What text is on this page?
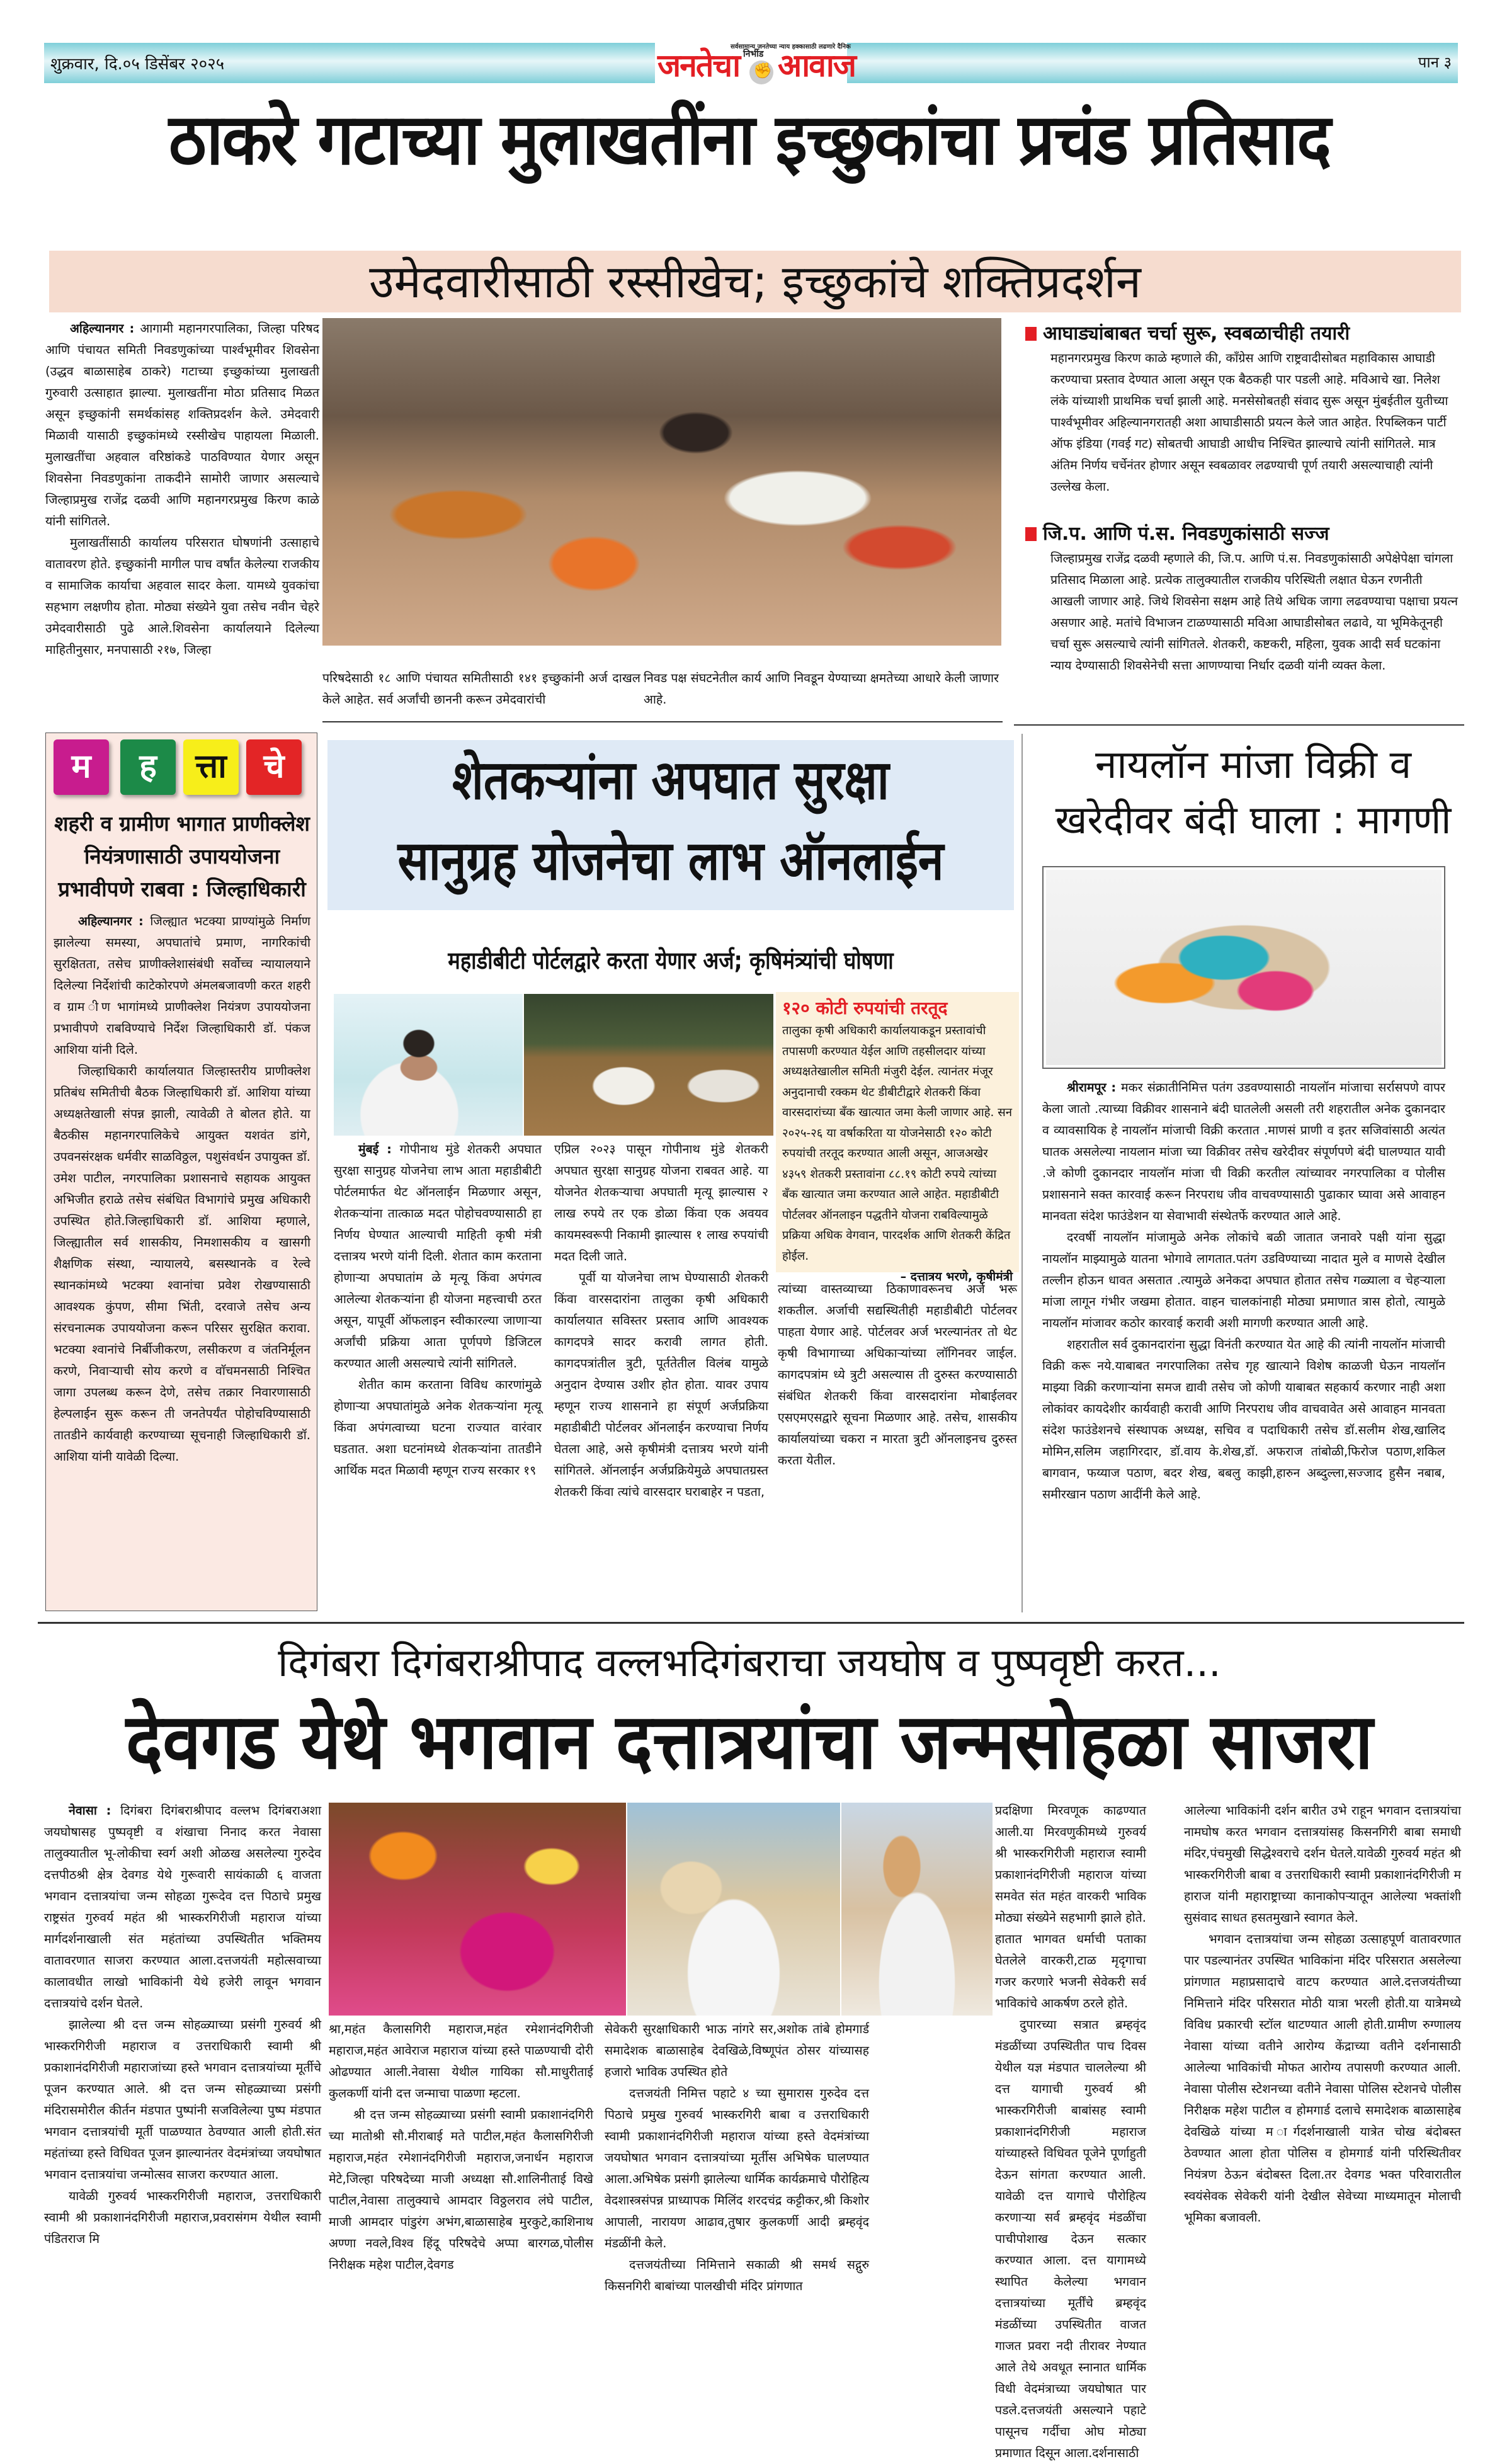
शुक्रवार, दि.०५ डिसेंबर २०२५	पान ३
सर्वसामान्य जनतेच्या न्याय हक्कासाठी लढणारे दैनिक
जनतेचा निर्भीड ✊ आवाज
ठाकरे गटाच्या मुलाखतींना इच्छुकांचा प्रचंड प्रतिसाद
उमेदवारीसाठी रस्सीखेच; इच्छुकांचे शक्तिप्रदर्शन

अहिल्यानगर : आगामी महानगरपालिका, जिल्हा परिषद आणि पंचायत समिती निवडणुकांच्या पार्श्वभूमीवर शिवसेना (उद्धव बाळासाहेब ठाकरे) गटाच्या इच्छुकांच्या मुलाखती गुरुवारी उत्साहात झाल्या. मुलाखतींना मोठा प्रतिसाद मिळत असून इच्छुकांनी समर्थकांसह शक्तिप्रदर्शन केले. उमेदवारी मिळावी यासाठी इच्छुकांमध्ये रस्सीखेच पाहायला मिळाली. मुलाखतींचा अहवाल वरिष्ठांकडे पाठविण्यात येणार असून शिवसेना निवडणुकांना ताकदीने सामोरी जाणार असल्याचे जिल्हाप्रमुख राजेंद्र दळवी आणि महानगरप्रमुख किरण काळे यांनी सांगितले.

मुलाखतींसाठी कार्यालय परिसरात घोषणांनी उत्साहाचे वातावरण होते. इच्छुकांनी मागील पाच वर्षांत केलेल्या राजकीय व सामाजिक कार्याचा अहवाल सादर केला. यामध्ये युवकांचा सहभाग लक्षणीय होता. मोठ्या संख्येने युवा तसेच नवीन चेहरे उमेदवारीसाठी पुढे आले.शिवसेना कार्यालयाने दिलेल्या माहितीनुसार, मनपासाठी २१७, जिल्हा

परिषदेसाठी १८ आणि पंचायत समितीसाठी १४१ इच्छुकांनी अर्ज दाखल केले आहेत. सर्व अर्जांची छाननी करून उमेदवारांची
निवड पक्ष संघटनेतील कार्य आणि निवडून येण्याच्या क्षमतेच्या आधारे केली जाणार आहे.
आघाड्यांबाबत चर्चा सुरू, स्वबळाचीही तयारी
महानगरप्रमुख किरण काळे म्हणाले की, काँग्रेस आणि राष्ट्रवादीसोबत महाविकास आघाडी करण्याचा प्रस्ताव देण्यात आला असून एक बैठकही पार पडली आहे. मविआचे खा. निलेश लंके यांच्याशी प्राथमिक चर्चा झाली आहे. मनसेसोबतही संवाद सुरू असून मुंबईतील युतीच्या पार्श्वभूमीवर अहिल्यानगरातही अशा आघाडीसाठी प्रयत्न केले जात आहेत. रिपब्लिकन पार्टी ऑफ इंडिया (गवई गट) सोबतची आघाडी आधीच निश्चित झाल्याचे त्यांनी सांगितले. मात्र अंतिम निर्णय चर्चेनंतर होणार असून स्वबळावर लढण्याची पूर्ण तयारी असल्याचाही त्यांनी उल्लेख केला.
जि.प. आणि पं.स. निवडणुकांसाठी सज्ज
जिल्हाप्रमुख राजेंद्र दळवी म्हणाले की, जि.प. आणि पं.स. निवडणुकांसाठी अपेक्षेपेक्षा चांगला प्रतिसाद मिळाला आहे. प्रत्येक तालुक्यातील राजकीय परिस्थिती लक्षात घेऊन रणनीती आखली जाणार आहे. जिथे शिवसेना सक्षम आहे तिथे अधिक जागा लढवण्याचा पक्षाचा प्रयत्न असणार आहे. मतांचे विभाजन टाळण्यासाठी मविआ आघाडीसोबत लढावे, या भूमिकेतूनही चर्चा सुरू असल्याचे त्यांनी सांगितले. शेतकरी, कष्टकरी, महिला, युवक आदी सर्व घटकांना न्याय देण्यासाठी शिवसेनेची सत्ता आणण्याचा निर्धार दळवी यांनी व्यक्त केला.
म	ह	त्ता	चे
शहरी व ग्रामीण भागात प्राणीक्लेश नियंत्रणासाठी उपाययोजना प्रभावीपणे राबवा : जिल्हाधिकारी

अहिल्यानगर : जिल्ह्यात भटक्या प्राण्यांमुळे निर्माण झालेल्या समस्या, अपघातांचे प्रमाण, नागरिकांची सुरक्षितता, तसेच प्राणीक्लेशासंबंधी सर्वोच्च न्यायालयाने दिलेल्या निर्देशांची काटेकोरपणे अंमलबजावणी करत शहरी व ग्राम ीण भागांमध्ये प्राणीक्लेश नियंत्रण उपाययोजना प्रभावीपणे राबविण्याचे निर्देश जिल्हाधिकारी डॉ. पंकज आशिया यांनी दिले.

जिल्हाधिकारी कार्यालयात जिल्हास्तरीय प्राणीक्लेश प्रतिबंध समितीची बैठक जिल्हाधिकारी डॉ. आशिया यांच्या अध्यक्षतेखाली संपन्न झाली, त्यावेळी ते बोलत होते. या बैठकीस महानगरपालिकेचे आयुक्त यशवंत डांगे, उपवनसंरक्षक धर्मवीर साळविठ्ठल, पशुसंवर्धन उपायुक्त डॉ. उमेश पाटील, नगरपालिका प्रशासनाचे सहायक आयुक्त अभिजीत हराळे तसेच संबंधित विभागांचे प्रमुख अधिकारी उपस्थित होते.जिल्हाधिकारी डॉ. आशिया म्हणाले, जिल्ह्यातील सर्व शासकीय, निमशासकीय व खासगी शैक्षणिक संस्था, न्यायालये, बसस्थानके व रेल्वे स्थानकांमध्ये भटक्या श्वानांचा प्रवेश रोखण्यासाठी आवश्यक कुंपण, सीमा भिंती, दरवाजे तसेच अन्य संरचनात्मक उपाययोजना करून परिसर सुरक्षित करावा. भटक्या श्वानांचे निर्बीजीकरण, लसीकरण व जंतनिर्मूलन करणे, निवाऱ्याची सोय करणे व वाॅचमनसाठी निश्चित जागा उपलब्ध करून देणे, तसेच तक्रार निवारणासाठी हेल्पलाईन सुरू करून ती जनतेपर्यंत पोहोचविण्यासाठी तातडीने कार्यवाही करण्याच्या सूचनाही जिल्हाधिकारी डॉ. आशिया यांनी यावेळी दिल्या.

शेतकऱ्यांना अपघात सुरक्षा
सानुग्रह योजनेचा लाभ ऑनलाईन
महाडीबीटी पोर्टलद्वारे करता येणार अर्ज; कृषिमंत्र्यांची घोषणा

मुंबई : गोपीनाथ मुंडे शेतकरी अपघात सुरक्षा सानुग्रह योजनेचा लाभ आता महाडीबीटी पोर्टलमार्फत थेट ऑनलाईन मिळणार असून, शेतकऱ्यांना तात्काळ मदत पोहोचवण्यासाठी हा निर्णय घेण्यात आल्याची माहिती कृषी मंत्री दत्तात्रय भरणे यांनी दिली. शेतात काम करताना होणाऱ्या अपघातांम ळे मृत्यू किंवा अपंगत्व आलेल्या शेतकऱ्यांना ही योजना महत्त्वाची ठरत असून, यापूर्वी ऑफलाइन स्वीकारल्या जाणाऱ्या अर्जांची प्रक्रिया आता पूर्णपणे डिजिटल करण्यात आली असल्याचे त्यांनी सांगितले.

शेतीत काम करताना विविध कारणांमुळे होणाऱ्या अपघातांमुळे अनेक शेतकऱ्यांना मृत्यू किंवा अपंगत्वाच्या घटना राज्यात वारंवार घडतात. अशा घटनांमध्ये शेतकऱ्यांना तातडीने आर्थिक मदत मिळावी म्हणून राज्य सरकार १९

एप्रिल २०२३ पासून गोपीनाथ मुंडे शेतकरी अपघात सुरक्षा सानुग्रह योजना राबवत आहे. या योजनेत शेतकऱ्याचा अपघाती मृत्यू झाल्यास २ लाख रुपये तर एक डोळा किंवा एक अवयव कायमस्वरूपी निकामी झाल्यास १ लाख रुपयांची मदत दिली जाते.

पूर्वी या योजनेचा लाभ घेण्यासाठी शेतकरी किंवा वारसदारांना तालुका कृषी अधिकारी कार्यालयात सविस्तर प्रस्ताव आणि आवश्यक कागदपत्रे सादर करावी लागत होती. कागदपत्रांतील त्रुटी, पूर्ततेतील विलंब यामुळे अनुदान देण्यास उशीर होत होता. यावर उपाय म्हणून राज्य शासनाने हा संपूर्ण अर्जप्रक्रिया महाडीबीटी पोर्टलवर ऑनलाईन करण्याचा निर्णय घेतला आहे, असे कृषीमंत्री दत्तात्रय भरणे यांनी सांगितले. ऑनलाईन अर्जप्रक्रियेमुळे अपघातग्रस्त शेतकरी किंवा त्यांचे वारसदार घराबाहेर न पडता,

१२० कोटी रुपयांची तरतूद

तालुका कृषी अधिकारी कार्यालयाकडून प्रस्तावांची तपासणी करण्यात येईल आणि तहसीलदार यांच्या अध्यक्षतेखालील समिती मंजुरी देईल. त्यानंतर मंजूर अनुदानाची रक्कम थेट डीबीटीद्वारे शेतकरी किंवा वारसदारांच्या बँक खात्यात जमा केली जाणार आहे. सन २०२५-२६ या वर्षाकरिता या योजनेसाठी १२० कोटी रुपयांची तरतूद करण्यात आली असून, आजअखेर ४३५९ शेतकरी प्रस्तावांना ८८.१९ कोटी रुपये त्यांच्या बँक खात्यात जमा करण्यात आले आहेत. महाडीबीटी पोर्टलवर ऑनलाइन पद्धतीने योजना राबविल्यामुळे प्रक्रिया अधिक वेगवान, पारदर्शक आणि शेतकरी केंद्रित होईल.

– दत्तात्रय भरणे, कृषीमंत्री
त्यांच्या वास्तव्याच्या ठिकाणावरूनच अर्ज भरू शकतील. अर्जाची सद्यस्थितीही महाडीबीटी पोर्टलवर पाहता येणार आहे. पोर्टलवर अर्ज भरल्यानंतर तो थेट कृषी विभागाच्या अधिकाऱ्यांच्या लॉगिनवर जाईल. कागदपत्रांम ध्ये त्रुटी असल्यास ती दुरुस्त करण्यासाठी संबंधित शेतकरी किंवा वारसदारांना मोबाईलवर एसएमएसद्वारे सूचना मिळणार आहे. तसेच, शासकीय कार्यालयांच्या चकरा न मारता त्रुटी ऑनलाइनच दुरुस्त करता येतील.
नायलॉन मांजा विक्री व खरेदीवर बंदी घाला : मागणी

श्रीरामपूर : मकर संक्रातीनिमित्त पतंग उडवण्यासाठी नायलॉन मांजाचा सर्रासपणे वापर केला जातो .त्याच्या विक्रीवर शासनाने बंदी घातलेली असली तरी शहरातील अनेक दुकानदार व व्यावसायिक हे नायलॉन मांजाची विक्री करतात .माणसं प्राणी व इतर सजिवांसाठी अत्यंत घातक असलेल्या नायलान मांजा च्या विक्रीवर तसेच खरेदीवर संपूर्णपणे बंदी घालण्यात यावी .जे कोणी दुकानदार नायलॉन मांजा ची विक्री करतील त्यांच्यावर नगरपालिका व पोलीस प्रशासनाने सक्त कारवाई करून निरपराध जीव वाचवण्यासाठी पुढाकार घ्यावा असे आवाहन मानवता संदेश फाउंडेशन या सेवाभावी संस्थेतर्फे करण्यात आले आहे.

दरवर्षी नायलॉन मांजामुळे अनेक लोकांचे बळी जातात जनावरे पक्षी यांना सुद्धा नायलॉन माझ्यामुळे यातना भोगावे लागतात.पतंग उडविण्याच्या नादात मुले व माणसे देखील तल्लीन होऊन धावत असतात .त्यामुळे अनेकदा अपघात होतात तसेच गळ्याला व चेहऱ्याला मांजा लागून गंभीर जखमा होतात. वाहन चालकांनाही मोठ्या प्रमाणात त्रास होतो, त्यामुळे नायलॉन मांजावर कठोर कारवाई करावी अशी मागणी करण्यात आली आहे.

शहरातील सर्व दुकानदारांना सुद्धा विनंती करण्यात येत आहे की त्यांनी नायलॉन मांजाची विक्री करू नये.याबाबत नगरपालिका तसेच गृह खात्याने विशेष काळजी घेऊन नायलॉन माझ्या विक्री करणाऱ्यांना समज द्यावी तसेच जो कोणी याबाबत सहकार्य करणार नाही अशा लोकांवर कायदेशीर कार्यवाही करावी आणि निरपराध जीव वाचवावेत असे आवाहन मानवता संदेश फाउंडेशनचे संस्थापक अध्यक्ष, सचिव व पदाधिकारी तसेच डॉ.सलीम शेख,खालिद मोमिन,सलिम जहागिरदार, डॉ.वाय के.शेख,डॉ. अफराज तांबोळी,फिरोज पठाण,शकिल बागवान, फय्याज पठाण, बदर शेख, बबलु काझी,हारुन अब्दुल्ला,सज्जाद हुसैन नबाब, समीरखान पठाण आदींनी केले आहे.

दिगंबरा दिगंबराश्रीपाद वल्लभदिगंबराचा जयघोष व पुष्पवृष्टी करत...
देवगड येथे भगवान दत्तात्रयांचा जन्मसोहळा साजरा

नेवासा : दिगंबरा दिगंबराश्रीपाद वल्लभ दिगंबराअशा जयघोषासह पुष्पवृष्टी व शंखाचा निनाद करत नेवासा तालुक्यातील भू-लोकीचा स्वर्ग अशी ओळख असलेल्या गुरुदेव दत्तपीठश्री क्षेत्र देवगड येथे गुरूवारी सायंकाळी ६ वाजता भगवान दत्तात्रयांचा जन्म सोहळा गुरूदेव दत्त पिठाचे प्रमुख राष्ट्रसंत गुरुवर्य महंत श्री भास्करगिरीजी महाराज यांच्या मार्गदर्शनाखाली संत महंतांच्या उपस्थितीत भक्तिमय वातावरणात साजरा करण्यात आला.दत्तजयंती महोत्सवाच्या कालावधीत लाखो भाविकांनी येथे हजेरी लावून भगवान दत्तात्रयांचे दर्शन घेतले.

झालेल्या श्री दत्त जन्म सोहळ्याच्या प्रसंगी गुरुवर्य श्री भास्करगिरीजी महाराज व उत्तराधिकारी स्वामी श्री प्रकाशानंदगिरीजी महाराजांच्या हस्ते भगवान दत्तात्रयांच्या मूर्तीचे पूजन करण्यात आले. श्री दत्त जन्म सोहळ्याच्या प्रसंगी मंदिरासमोरील कीर्तन मंडपात पुष्पांनी सजविलेल्या पुष्प मंडपात भगवान दत्तात्रयांची मूर्ती पाळण्यात ठेवण्यात आली होती.संत महंतांच्या हस्ते विधिवत पूजन झाल्यानंतर वेदमंत्रांच्या जयघोषात भगवान दत्तात्रयांचा जन्मोत्सव साजरा करण्यात आला.

यावेळी गुरुवर्य भास्करगिरीजी महाराज, उत्तराधिकारी स्वामी श्री प्रकाशानंदगिरीजी महाराज,प्रवरासंगम येथील स्वामी पंडितराज मि

श्रा,महंत कैलासगिरी महाराज,महंत रमेशानंदगिरीजी महाराज,महंत आवेराज महाराज यांच्या हस्ते पाळण्याची दोरी ओढण्यात आली.नेवासा येथील गायिका सौ.माधुरीताई कुलकर्णी यांनी दत्त जन्माचा पाळणा म्हटला.

श्री दत्त जन्म सोहळ्याच्या प्रसंगी स्वामी प्रकाशानंदगिरी च्या मातोश्री सौ.मीराबाई मते पाटील,महंत कैलासगिरीजी महाराज,महंत रमेशानंदगिरीजी महाराज,जनार्धन महाराज मेटे,जिल्हा परिषदेच्या माजी अध्यक्षा सौ.शालिनीताई विखे पाटील,नेवासा तालुक्याचे आमदार विठ्ठलराव लंघे पाटील, माजी आमदार पांडुरंग अभंग,बाळासाहेब मुरकुटे,काशिनाथ अण्णा नवले,विश्व हिंदू परिषदेचे अप्पा बारगळ,पोलीस निरीक्षक महेश पाटील,देवगड

सेवेकरी सुरक्षाधिकारी भाऊ नांगरे सर,अशोक तांबे होमगार्ड समादेशक बाळासाहेब देवखिळे,विष्णूपंत ठोसर यांच्यासह हजारो भाविक उपस्थित होते

दत्तजयंती निमित्त पहाटे ४ च्या सुमारास गुरुदेव दत्त पिठाचे प्रमुख गुरुवर्य भास्करगिरी बाबा व उत्तराधिकारी स्वामी प्रकाशानंदगिरीजी महाराज यांच्या हस्ते वेदमंत्रांच्या जयघोषात भगवान दत्तात्रयांच्या मूर्तीस अभिषेक घालण्यात आला.अभिषेक प्रसंगी झालेल्या धार्मिक कार्यक्रमाचे पौरोहित्य वेदशास्त्रसंपन्न प्राध्यापक मिलिंद शरदचंद्र कट्टीकर,श्री किशोर आपाली, नारायण आढाव,तुषार कुलकर्णी आदी ब्रम्हवृंद मंडळींनी केले.

दत्तजयंतीच्या निमित्ताने सकाळी श्री समर्थ सद्गुरु किसनगिरी बाबांच्या पालखीची मंदिर प्रांगणात

प्रदक्षिणा मिरवणूक काढण्यात आली.या मिरवणुकीमध्ये गुरुवर्य श्री भास्करगिरीजी महाराज स्वामी प्रकाशानंदगिरीजी महाराज यांच्या समवेत संत महंत वारकरी भाविक मोठ्या संख्येने सहभागी झाले होते. हातात भागवत धर्माची पताका घेतलेले वारकरी,टाळ मृदृगाचा गजर करणारे भजनी सेवेकरी सर्व भाविकांचे आकर्षण ठरले होते.

दुपारच्या सत्रात ब्रम्हवृंद मंडळींच्या उपस्थितीत पाच दिवस येथील यज्ञ मंडपात चाललेल्या श्री दत्त यागाची गुरुवर्य श्री भास्करगिरीजी बाबांसह स्वामी प्रकाशानंदगिरीजी महाराज यांच्याहस्ते विधिवत पूजेने पूर्णाहुती देऊन सांगता करण्यात आली. यावेळी दत्त यागाचे पौरोहित्य करणाऱ्या सर्व ब्रम्हवृंद मंडळींचा पाचीपोशाख देऊन सत्कार करण्यात आला. दत्त यागामध्ये स्थापित केलेल्या भगवान दत्तात्रयांच्या मूर्तींचे ब्रम्हवृंद मंडळींच्या उपस्थितीत वाजत गाजत प्रवरा नदी तीरावर नेण्यात आले तेथे अवधूत स्नानात धार्मिक विधी वेदमंत्राच्या जयघोषात पार पडले.दत्तजयंती असल्याने पहाटे पासूनच गर्दीचा ओघ मोठ्या प्रमाणात दिसून आला.दर्शनासाठी

आलेल्या भाविकांनी दर्शन बारीत उभे राहून भगवान दत्तात्रयांचा नामघोष करत भगवान दत्तात्रयांसह किसनगिरी बाबा समाधी मंदिर,पंचमुखी सिद्धेश्वराचे दर्शन घेतले.यावेळी गुरुवर्य महंत श्री भास्करगिरीजी बाबा व उत्तराधिकारी स्वामी प्रकाशानंदगिरीजी म हाराज यांनी महाराष्ट्राच्या कानाकोपऱ्यातून आलेल्या भक्तांशी सुसंवाद साधत हसतमुखाने स्वागत केले.

भगवान दत्तात्रयांचा जन्म सोहळा उत्साहपूर्ण वातावरणात पार पडल्यानंतर उपस्थित भाविकांना मंदिर परिसरात असलेल्या प्रांगणात महाप्रसादाचे वाटप करण्यात आले.दत्तजयंतीच्या निमित्ताने मंदिर परिसरात मोठी यात्रा भरली होती.या यात्रेमध्ये विविध प्रकारची स्टॉल थाटण्यात आली होती.ग्रामीण रुग्णालय नेवासा यांच्या वतीने आरोग्य केंद्राच्या वतीने दर्शनासाठी आलेल्या भाविकांची मोफत आरोग्य तपासणी करण्यात आली. नेवासा पोलीस स्टेशनच्या वतीने नेवासा पोलिस स्टेशनचे पोलीस निरीक्षक महेश पाटील व होमगार्ड दलाचे समादेशक बाळासाहेब देवखिळे यांच्या म ार्गदर्शनाखाली यात्रेत चोख बंदोबस्त ठेवण्यात आला होता पोलिस व होमगार्ड यांनी परिस्थितीवर नियंत्रण ठेऊन बंदोबस्त दिला.तर देवगड भक्त परिवारातील स्वयंसेवक सेवेकरी यांनी देखील सेवेच्या माध्यमातून मोलाची भूमिका बजावली.
